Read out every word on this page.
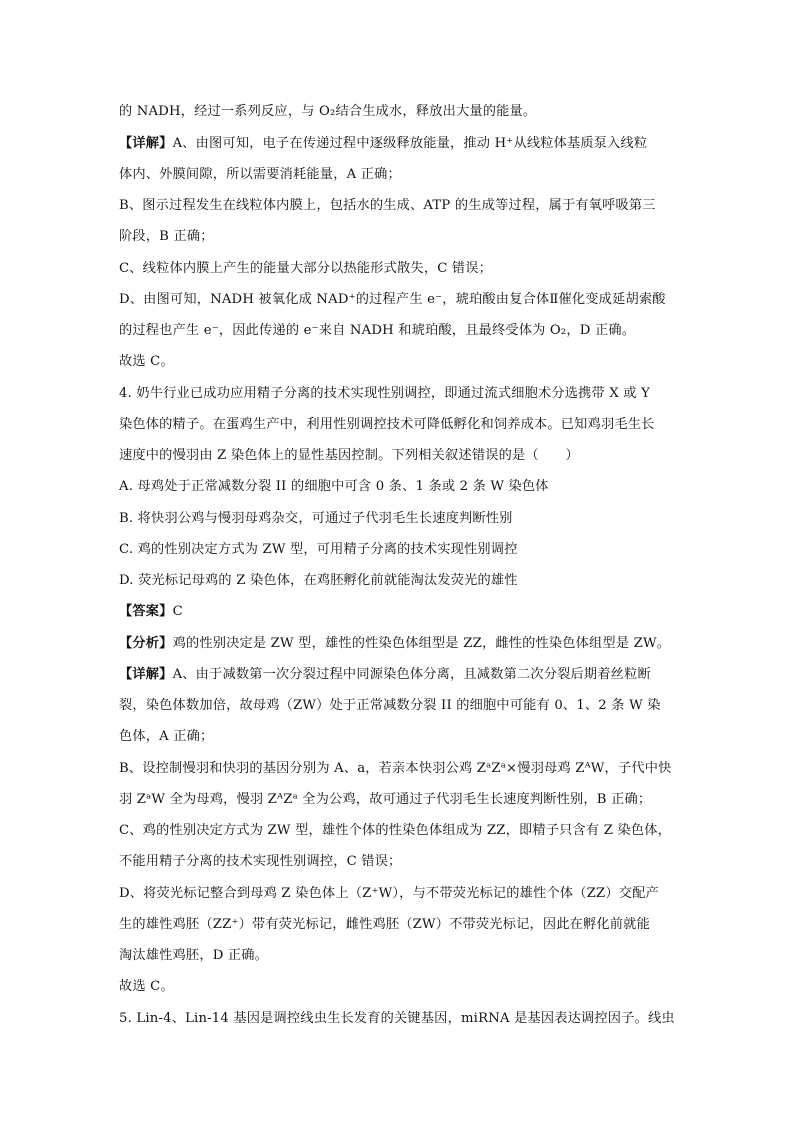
的 NADH，经过一系列反应，与 O₂结合生成水，释放出大量的能量。
【详解】A、由图可知，电子在传递过程中逐级释放能量，推动 H⁺从线粒体基质泵入线粒
体内、外膜间隙，所以需要消耗能量，A 正确；
B、图示过程发生在线粒体内膜上，包括水的生成、ATP 的生成等过程，属于有氧呼吸第三
阶段，B 正确；
C、线粒体内膜上产生的能量大部分以热能形式散失，C 错误；
D、由图可知，NADH 被氧化成 NAD⁺的过程产生 e⁻，琥珀酸由复合体Ⅱ催化变成延胡索酸
的过程也产生 e⁻，因此传递的 e⁻来自 NADH 和琥珀酸，且最终受体为 O₂，D 正确。
故选 C。
4. 奶牛行业已成功应用精子分离的技术实现性别调控，即通过流式细胞术分选携带 X 或 Y
染色体的精子。在蛋鸡生产中，利用性别调控技术可降低孵化和饲养成本。已知鸡羽毛生长
速度中的慢羽由 Z 染色体上的显性基因控制。下列相关叙述错误的是（　　）
A. 母鸡处于正常减数分裂 II 的细胞中可含 0 条、1 条或 2 条 W 染色体
B. 将快羽公鸡与慢羽母鸡杂交，可通过子代羽毛生长速度判断性别
C. 鸡的性别决定方式为 ZW 型，可用精子分离的技术实现性别调控
D. 荧光标记母鸡的 Z 染色体，在鸡胚孵化前就能淘汰发荧光的雄性
【答案】C
【分析】鸡的性别决定是 ZW 型，雄性的性染色体组型是 ZZ，雌性的性染色体组型是 ZW。
【详解】A、由于减数第一次分裂过程中同源染色体分离，且减数第二次分裂后期着丝粒断
裂，染色体数加倍，故母鸡（ZW）处于正常减数分裂 II 的细胞中可能有 0、1、2 条 W 染
色体，A 正确；
B、设控制慢羽和快羽的基因分别为 A、a，若亲本快羽公鸡 ZᵃZᵃ×慢羽母鸡 ZᴬW，子代中快
羽 ZᵃW 全为母鸡，慢羽 ZᴬZᵃ 全为公鸡，故可通过子代羽毛生长速度判断性别，B 正确；
C、鸡的性别决定方式为 ZW 型，雄性个体的性染色体组成为 ZZ，即精子只含有 Z 染色体，
不能用精子分离的技术实现性别调控，C 错误；
D、将荧光标记整合到母鸡 Z 染色体上（Z⁺W），与不带荧光标记的雄性个体（ZZ）交配产
生的雄性鸡胚（ZZ⁺）带有荧光标记，雌性鸡胚（ZW）不带荧光标记，因此在孵化前就能
淘汰雄性鸡胚，D 正确。
故选 C。
5. Lin-4、Lin-14 基因是调控线虫生长发育的关键基因，miRNA 是基因表达调控因子。线虫
